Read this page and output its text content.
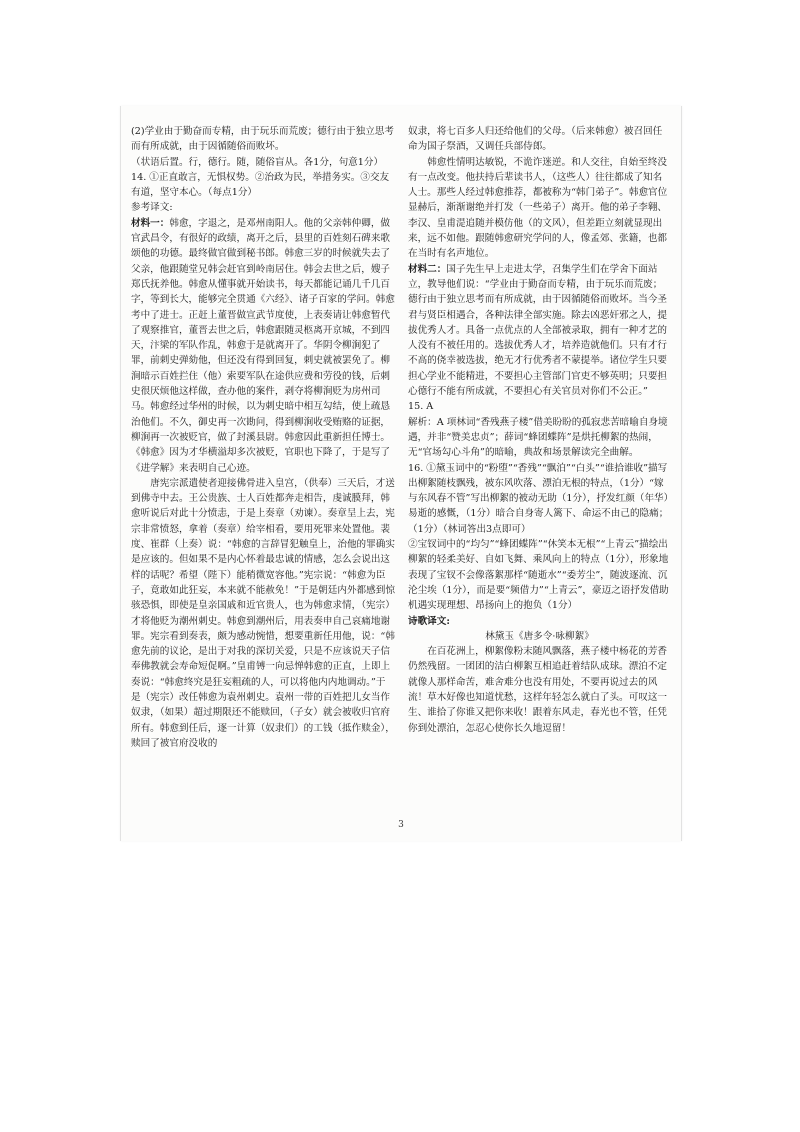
(2)学业由于勤奋而专精，由于玩乐而荒废；德行由于独立思考而有所成就，由于因循随俗而败坏。

（状语后置。行，德行。随，随俗盲从。各1分，句意1分）

14. ①正直敢言，无惧权势。②治政为民，举措务实。③交友有道，坚守本心。（每点1分）

参考译文:

材料一：韩愈，字退之，是邓州南阳人。他的父亲韩仲卿，做官武昌令，有很好的政绩，离开之后，县里的百姓刻石碑来歌颂他的功德。最终做官做到秘书郎。韩愈三岁的时候就失去了父亲，他跟随堂兄韩会赶官到岭南居住。韩会去世之后，嫂子郑氏抚养他。韩愈从懂事就开始读书，每天都能记诵几千几百字，等到长大，能够完全贯通《六经》、诸子百家的学问。韩愈考中了进士。正赶上董晋做宣武节度使，上表奏请让韩愈暂代了观察推官，董晋去世之后，韩愈跟随灵柩离开京城，不到四天，汴梁的军队作乱，韩愈于是就离开了。华阴令柳涧犯了罪，前刺史弹劾他，但还没有得到回复，刺史就被罢免了。柳涧暗示百姓拦住（他）索要军队在途供应费和劳役的钱，后刺史很厌烦他这样做，查办他的案件，剥夺将柳涧贬为房州司马。韩愈经过华州的时候，以为刺史暗中相互勾结，使上疏恳治他们。不久，御史再一次勘问，得到柳涧收受贿赂的证据，柳涧再一次被贬官，做了封溪县尉。韩愈因此重新担任博士。《韩愈》因为才华横溢却多次被贬，官职也下降了，于是写了《进学解》来表明自己心迹。

唐宪宗派遣使者迎接佛骨进入皇宫，（供奉）三天后，才送到佛寺中去。王公贵族、士人百姓都奔走相告，虔诚膜拜，韩愈听说后对此十分愤恚，于是上奏章（劝谏）。奏章呈上去，宪宗非常愤怒，拿着（奏章）给宰相看，要用死罪来处置他。裴度、崔群（上奏）说：“韩愈的言辞冒犯触皇上，治他的罪确实是应该的。但如果不是内心怀着最忠诚的情感，怎么会说出这样的话呢？希望（陛下）能稍微宽容他。”宪宗说：“韩愈为臣子，竟敢如此狂妄，本来就不能赦免！”于是朝廷内外都感到惊骇恐惧，即使是皇亲国戚和近官贵人，也为韩愈求情，（宪宗）才将他贬为潮州刺史。韩愈到潮州后，用表奏申自己哀痛地谢罪。宪宗看到奏表，颇为感动惋惜，想要重新任用他，说：“韩愈先前的议论，是出于对我的深切关爱，只是不应该说天子信奉佛教就会寿命短促啊。”皇甫镈一向忌惮韩愈的正直，上即上奏说：“韩愈终究是狂妄粗疏的人，可以将他内内地调动。”于是（宪宗）改任韩愈为袁州刺史。袁州一带的百姓把儿女当作奴隶，（如果）超过期限还不能赎回，（子女）就会被收归官府所有。韩愈到任后，逐一计算（奴隶们）的工钱（抵作赎金），赎回了被官府没收的

奴隶，将七百多人归还给他们的父母。（后来韩愈）被召回任命为国子祭酒，又调任兵部侍郎。

韩愈性情明达敏锐，不诡诈迷逆。和人交往，自始至终没有一点改变。他扶持后辈读书人，（这些人）往往都成了知名人士。那些人经过韩愈推荐，都被称为“韩门弟子”。韩愈官位显赫后，渐渐谢绝并打发（一些弟子）离开。他的弟子李翱、李汉、皇甫湜追随并模仿他（的文风），但差距立刻就显现出来，远不如他。跟随韩愈研究学问的人，像孟郊、张籍，也都在当时有名声地位。

材料二：国子先生早上走进太学，召集学生们在学舍下面站立，教导他们说：“学业由于勤奋而专精，由于玩乐而荒废；德行由于独立思考而有所成就，由于因循随俗而败坏。当今圣君与贤臣相遇合，各种法律全部实施。除去凶恶奸邪之人，提拔优秀人才。具备一点优点的人全部被录取，拥有一种才艺的人没有不被任用的。选拔优秀人才，培养造就他们。只有才行不高的侥幸被选拔，绝无才行优秀者不蒙提举。诸位学生只要担心学业不能精进，不要担心主管部门官吏不够英明；只要担心德行不能有所成就，不要担心有关官员对你们不公正。”

15. A

解析：A 项林词“香残燕子楼”借美盼盼的孤寂悲苦暗喻自身境遇，并非“赞美忠贞”；薛词“蜂团蝶阵”是烘托柳絮的热闹，无“官场勾心斗角”的暗喻，典故和场景解读完全曲解。

16. ①黛玉词中的“粉堕”“香残”“飘泊”“白头”“谁拾谁收”描写出柳絮随枝飘残，被东风吹落、漂泊无根的特点，（1分）“嫁与东风春不管”写出柳絮的被动无助（1分），抒发红颜（年华）易逝的感慨，（1分）暗合自身寄人篱下、命运不由己的隐痛；（1分）（林词答出3点即可）

②宝钗词中的“均匀”“蜂团蝶阵”“休笑本无根”“上青云”描绘出柳絮的轻柔美好、自如飞舞、乘风向上的特点（1分），形象地表现了宝钗不会像落絮那样“随逝水”“委芳尘”，随波逐流、沉沦尘埃（1分），而是要“频借力”“上青云”，豪迈之语抒发借助机遇实现理想、昂扬向上的抱负（1分）

诗歌译文:

林黛玉《唐多令·咏柳絮》

在百花洲上，柳絮像粉末随风飘落，燕子楼中杨花的芳香仍然残留。一团团的洁白柳絮互相追赶着结队成球。漂泊不定就像人那样命苦，难舍难分也没有用处，不要再说过去的风流！草木好像也知道忧愁，这样年轻怎么就白了头。可叹这一生、谁拾了你谁又把你来收！跟着东风走，春光也不管，任凭你到处漂泊，怎忍心使你长久地逗留！

3
